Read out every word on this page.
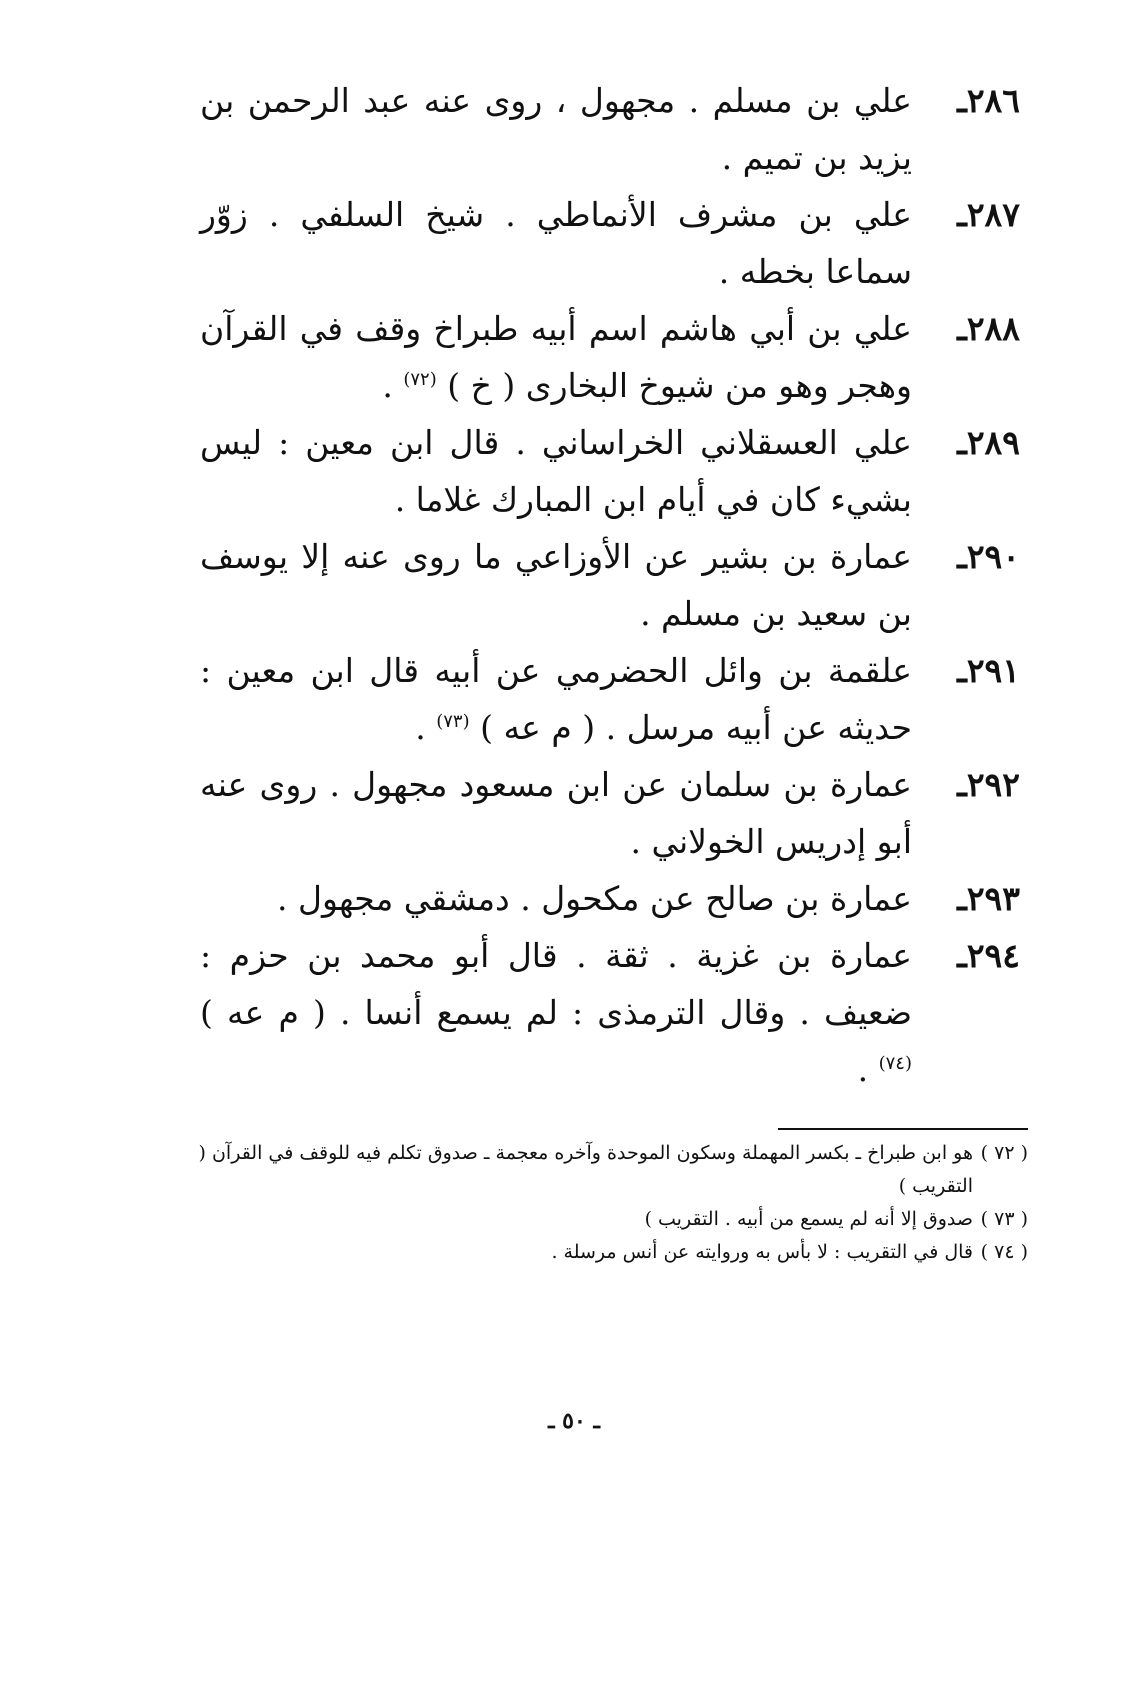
٢٨٦ـ
علي بن مسلم . مجهول ، روى عنه عبد الرحمن بن يزيد بن تميم .
٢٨٧ـ
علي بن مشرف الأنماطي . شيخ السلفي . زوّر سماعا بخطه .
٢٨٨ـ
علي بن أبي هاشم اسم أبيه طبراخ وقف في القرآن وهجر وهو من شيوخ البخارى ( خ ) $^{(٧٢)}$ .
٢٨٩ـ
علي العسقلاني الخراساني . قال ابن معين : ليس بشيء كان في أيام ابن المبارك غلاما .
٢٩٠ـ
عمارة بن بشير عن الأوزاعي ما روى عنه إلا يوسف بن سعيد بن مسلم .
٢٩١ـ
علقمة بن وائل الحضرمي عن أبيه قال ابن معين : حديثه عن أبيه مرسل . ( م عه ) $^{(٧٣)}$ .
٢٩٢ـ
عمارة بن سلمان عن ابن مسعود مجهول . روى عنه أبو إدريس الخولاني .
٢٩٣ـ
عمارة بن صالح عن مكحول . دمشقي مجهول .
٢٩٤ـ
عمارة بن غزية . ثقة . قال أبو محمد بن حزم : ضعيف . وقال الترمذى : لم يسمع أنسا . ( م عه ) $^{(٧٤)}$ .
( ٧٢ )
هو ابن طبراخ ـ بكسر المهملة وسكون الموحدة وآخره معجمة ـ صدوق تكلم فيه للوقف في القرآن ( التقريب )
( ٧٣ )
صدوق إلا أنه لم يسمع من أبيه . التقريب )
( ٧٤ )
قال في التقريب : لا بأس به وروايته عن أنس مرسلة .
ـ ٥٠ ـ
